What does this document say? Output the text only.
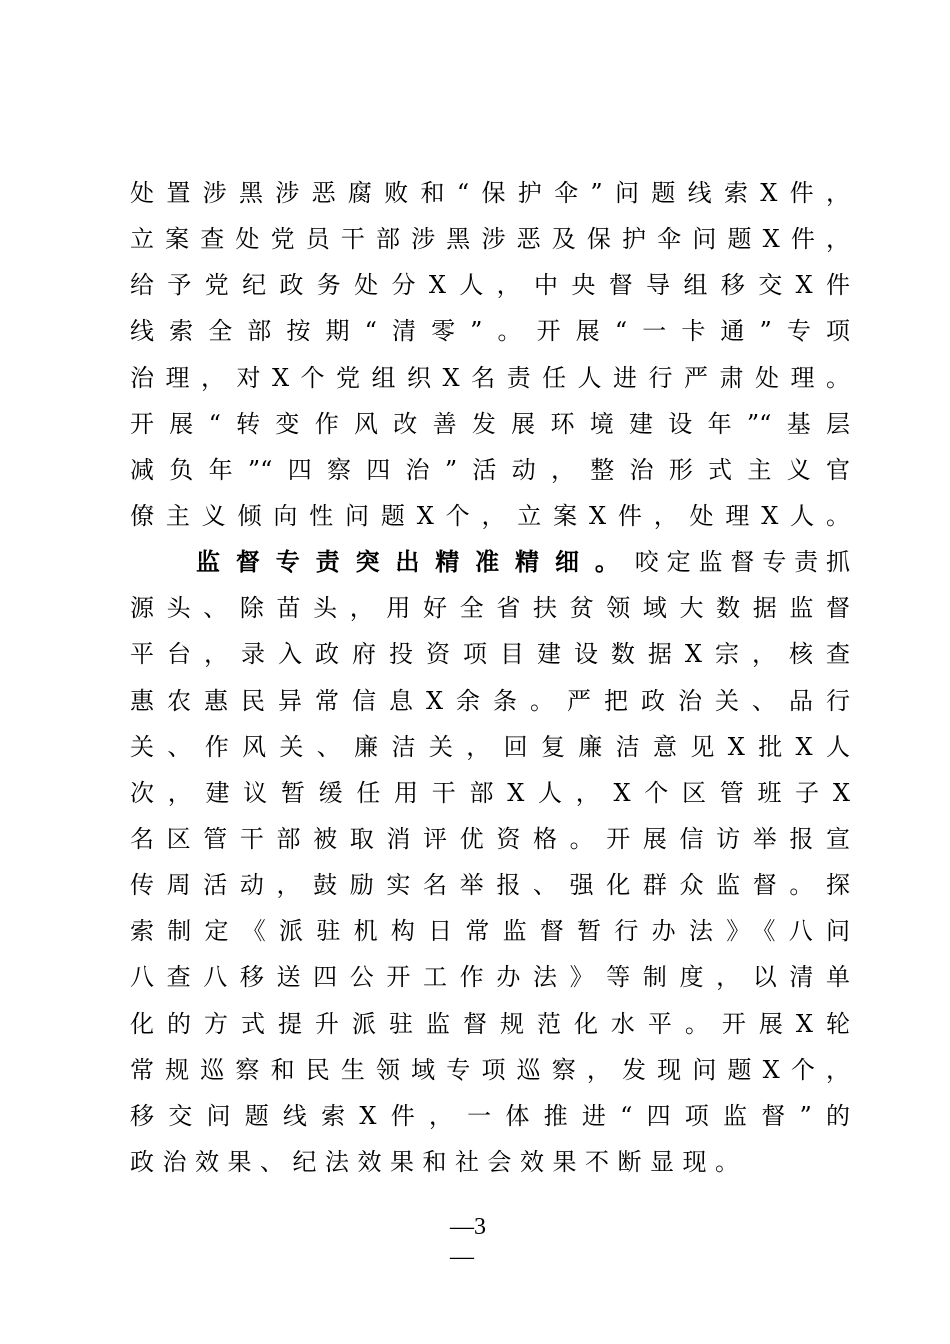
处置涉黑涉恶腐败和“保护伞”问题线索X件，
立案查处党员干部涉黑涉恶及保护伞问题X件，
给予党纪政务处分X人，中央督导组移交X件
线索全部按期“清零”。开展“一卡通”专项
治理，对X个党组织X名责任人进行严肃处理。
开展“转变作风改善发展环境建设年”“基层
减负年”“四察四治”活动，整治形式主义官
僚主义倾向性问题X个，立案X件，处理X人。
监督专责突出精准精细。咬定监督专责抓
源头、除苗头，用好全省扶贫领域大数据监督
平台，录入政府投资项目建设数据X宗，核查
惠农惠民异常信息X余条。严把政治关、品行
关、作风关、廉洁关，回复廉洁意见X批X人
次，建议暂缓任用干部X人，X个区管班子X
名区管干部被取消评优资格。开展信访举报宣
传周活动，鼓励实名举报、强化群众监督。探
索制定《派驻机构日常监督暂行办法》《八问
八查八移送四公开工作办法》等制度，以清单
化的方式提升派驻监督规范化水平。开展X轮
常规巡察和民生领域专项巡察，发现问题X个，
移交问题线索X件，一体推进“四项监督”的
政治效果、纪法效果和社会效果不断显现。
—3
—
